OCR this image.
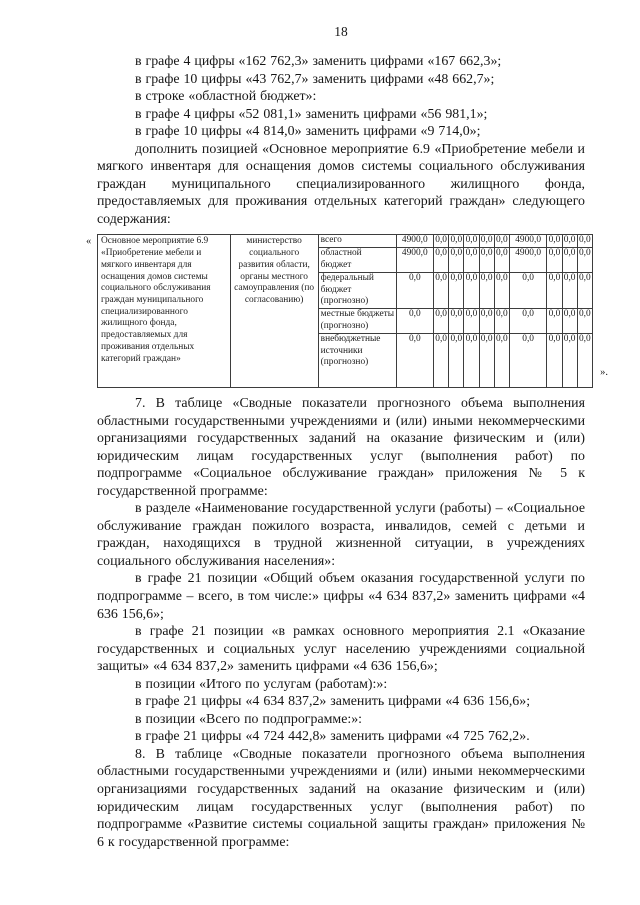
18

в графе 4 цифры «162 762,3» заменить цифрами «167 662,3»;

в графе 10 цифры «43 762,7» заменить цифрами «48 662,7»;

в строке «областной бюджет»:

в графе 4 цифры «52 081,1» заменить цифрами «56 981,1»;

в графе 10 цифры «4 814,0» заменить цифрами «9 714,0»;

дополнить позицией «Основное мероприятие 6.9 «Приобретение мебели и мягкого инвентаря для оснащения домов системы социального обслуживания граждан муниципального специализированного жилищного фонда, предоставляемых для проживания отдельных категорий граждан» следующего содержания:

«
».
Основное мероприятие 6.9 «Приобретение мебели и мягкого инвентаря для оснащения домов системы социального обслуживания граждан муниципального специализированного жилищного фонда, предоставляемых для проживания отдельных категорий граждан»	министерство социального развития области, органы местного самоуправления (по согласованию)	всего	4900,0	0,0	0,0	0,0	0,0	0,0	4900,0	0,0	0,0	0,0
		областной бюджет	4900,0	0,0	0,0	0,0	0,0	0,0	4900,0	0,0	0,0	0,0
		федеральный бюджет (прогнозно)	0,0	0,0	0,0	0,0	0,0	0,0	0,0	0,0	0,0	0,0
		местные бюджеты (прогнозно)	0,0	0,0	0,0	0,0	0,0	0,0	0,0	0,0	0,0	0,0
		внебюджетные источники (прогнозно)	0,0	0,0	0,0	0,0	0,0	0,0	0,0	0,0	0,0	0,0

7. В таблице «Сводные показатели прогнозного объема выполнения областными государственными учреждениями и (или) иными некоммерческими организациями государственных заданий на оказание физическим и (или) юридическим лицам государственных услуг (выполнения работ) по подпрограмме «Социальное обслуживание граждан» приложения № 5 к государственной программе:

в разделе «Наименование государственной услуги (работы) – «Социальное обслуживание граждан пожилого возраста, инвалидов, семей с детьми и граждан, находящихся в трудной жизненной ситуации, в учреждениях социального обслуживания населения»:

в графе 21 позиции «Общий объем оказания государственной услуги по подпрограмме – всего, в том числе:» цифры «4 634 837,2» заменить цифрами «4 636 156,6»;

в графе 21 позиции «в рамках основного мероприятия 2.1 «Оказание государственных и социальных услуг населению учреждениями социальной защиты» «4 634 837,2» заменить цифрами «4 636 156,6»;

в позиции «Итого по услугам (работам):»:

в графе 21 цифры «4 634 837,2» заменить цифрами «4 636 156,6»;

в позиции «Всего по подпрограмме:»:

в графе 21 цифры «4 724 442,8» заменить цифрами «4 725 762,2».

8. В таблице «Сводные показатели прогнозного объема выполнения областными государственными учреждениями и (или) иными некоммерческими организациями государственных заданий на оказание физическим и (или) юридическим лицам государственных услуг (выполнения работ) по подпрограмме «Развитие системы социальной защиты граждан» приложения № 6 к государственной программе:
